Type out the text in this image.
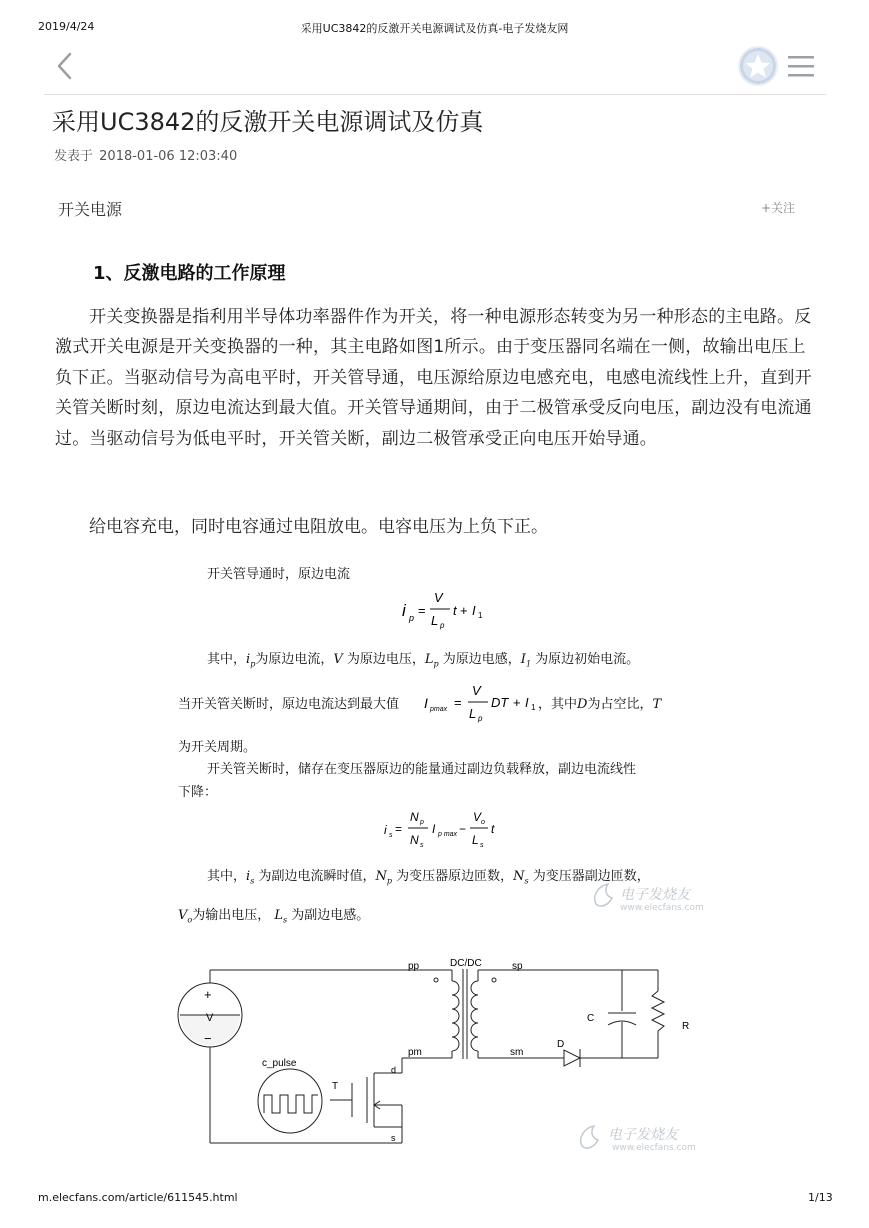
2019/4/24	采用UC3842的反激开关电源调试及仿真-电子发烧友网
采用UC3842的反激开关电源调试及仿真
发表于 2018-01-06 12:03:40
开关电源	+关注
1、反激电路的工作原理
开关变换器是指利用半导体功率器件作为开关，将一种电源形态转变为另一种形态的主电路。反激式开关电源是开关变换器的一种，其主电路如图1所示。由于变压器同名端在一侧，故输出电压上负下正。当驱动信号为高电平时，开关管导通，电压源给原边电感充电，电感电流线性上升，直到开关管关断时刻，原边电流达到最大值。开关管导通期间，由于二极管承受反向电压，副边没有电流通过。当驱动信号为低电平时，开关管关断，副边二极管承受正向电压开始导通。
给电容充电，同时电容通过电阻放电。电容电压为上负下正。
开关管导通时，原边电流
i p =
V
L p
t + I 1
其中，$i_p$为原边电流，V 为原边电压，$L_p$ 为原边电感，$I_1$ 为原边初始电流。
当开关管关断时，原边电流达到最大值 I pmax =
V
L p
DT + I 1 ，其中D为占空比，T
为开关周期。
开关管关断时，储存在变压器原边的能量通过副边负载释放，副边电流线性
下降：
i s =
N p
N s
I p max −
V o
L s
t
其中，$i_s$ 为副边电流瞬时值，$N_p$ 为变压器原边匝数，$N_s$ 为变压器副边匝数，
$V_o$为输出电压， $L_s$ 为副边电感。
电子发烧友
www.elecfans.com
+
V
−
pp	DC/DC	sp
pm	sm
C
R
D
c_pulse
T
d
s	电子发烧友
www.elecfans.com
m.elecfans.com/article/611545.html	1/13
